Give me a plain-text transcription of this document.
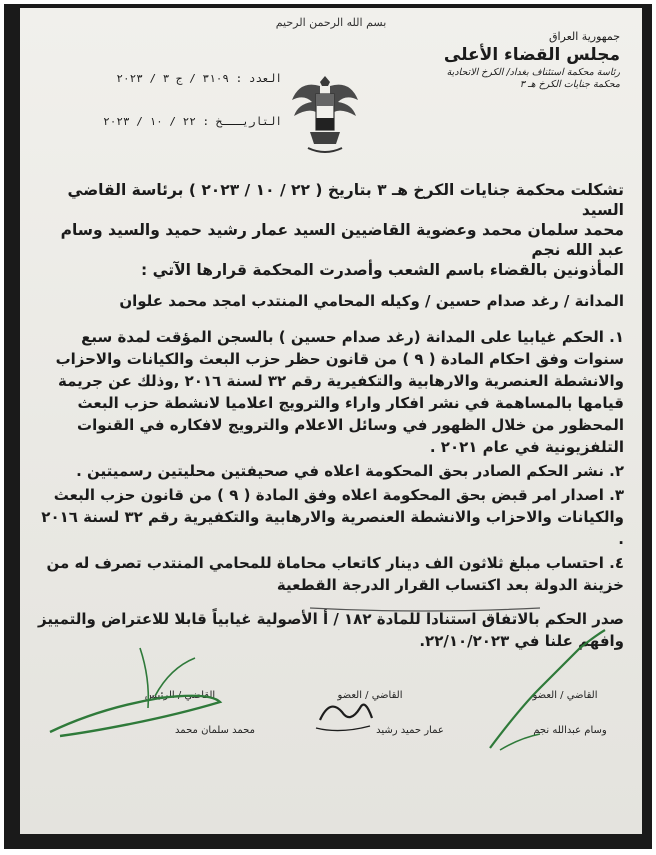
بسم الله الرحمن الرحيم
جمهورية العراق
مجلس القضاء الأعلى
رئاسة محكمة استئناف بغداد/ الكرخ الاتحادية
محكمة جنايات الكرخ هـ ٣
العدد : ٣١٠٩ / ج ٣ / ٢٠٢٣
التاريـــخ : ٢٢ / ١٠ / ٢٠٢٣
تشكلت محكمة جنايات الكرخ هـ ٣ بتاريخ ( ٢٢ / ١٠ / ٢٠٢٣ ) برئاسة القاضي السيد
محمد سلمان محمد وعضوية القاضيين السيد عمار رشيد حميد والسيد وسام عبد الله نجم
المأذونين بالقضاء باسم الشعب وأصدرت المحكمة قرارها الآتي :
المدانة / رغد صدام حسين / وكيله المحامي المنتدب امجد محمد علوان
١. الحكم غيابيا على المدانة (رغد صدام حسين ) بالسجن المؤقت لمدة سبع سنوات وفق احكام المادة ( ٩ ) من قانون حظر حزب البعث والكيانات والاحزاب والانشطة العنصرية والارهابية والتكفيرية رقم ٣٢ لسنة ٢٠١٦ ,وذلك عن جريمة قيامها بالمساهمة في نشر افكار واراء والترويج اعلاميا لانشطة حزب البعث المحظور من خلال الظهور في وسائل الاعلام والترويج لافكاره في القنوات التلفزيونية في عام ٢٠٢١ .
٢. نشر الحكم الصادر بحق المحكومة اعلاه في صحيفتين محليتين رسميتين .
٣. اصدار امر قبض بحق المحكومة اعلاه وفق المادة ( ٩ ) من قانون حزب البعث والكيانات والاحزاب والانشطة العنصرية والارهابية والتكفيرية رقم ٣٢ لسنة ٢٠١٦ .
٤. احتساب مبلغ ثلاثون الف دينار كاتعاب محاماة للمحامي المنتدب تصرف له من خزينة الدولة بعد اكتساب القرار الدرجة القطعية
صدر الحكم بالاتفاق استنادا للمادة ١٨٢ / أ الأصولية غيابياً قابلا للاعتراض والتمييز
وافهم علنا في ٢٢/١٠/٢٠٢٣.
القاضي / الرئيس
محمد سلمان محمد
القاضي / العضو
عمار حميد رشيد
القاضي / العضو
وسام عبدالله نجم
